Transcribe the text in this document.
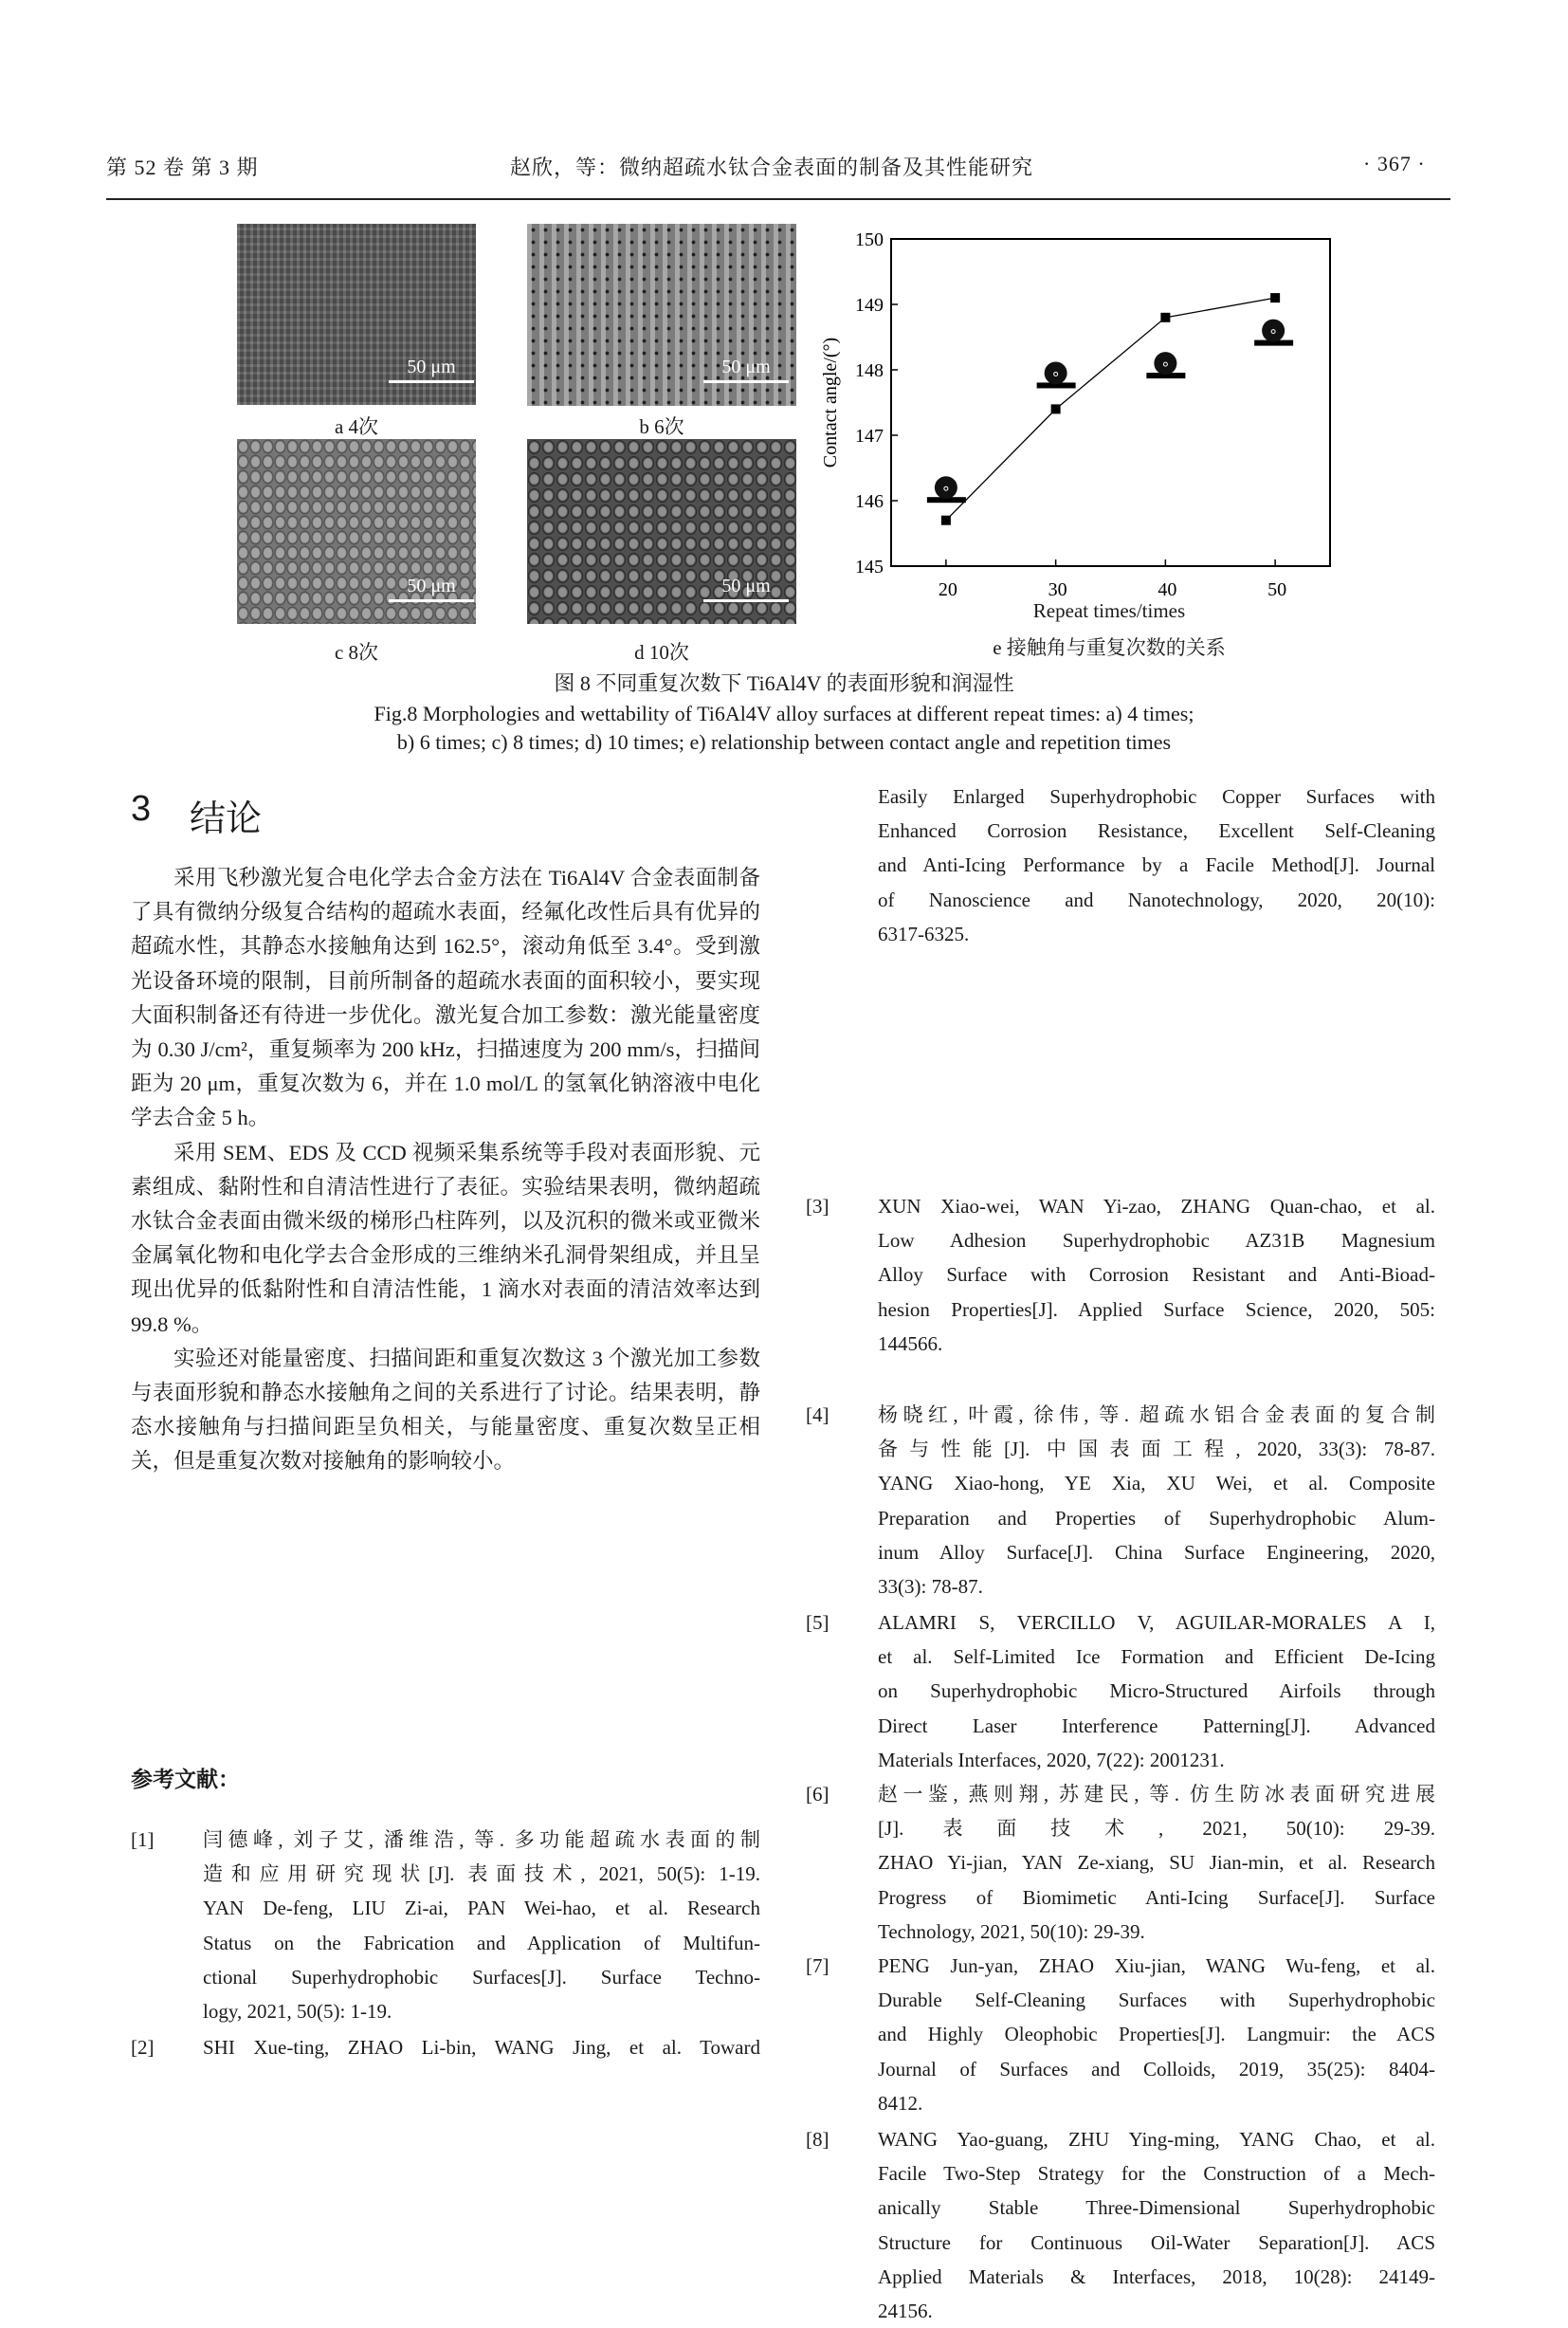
第 52 卷 第 3 期	赵欣，等：微纳超疏水钛合金表面的制备及其性能研究	· 367 ·
50 μm	50 μm
a 4次	b 6次
50 μm	50 μm
c 8次	d 10次
145
146
147
148
149
150
20	30	40	50
Contact angle/(°)
Repeat times/times
e 接触角与重复次数的关系
图 8 不同重复次数下 Ti6Al4V 的表面形貌和润湿性
Fig.8 Morphologies and wettability of Ti6Al4V alloy surfaces at different repeat times: a) 4 times;
b) 6 times; c) 8 times; d) 10 times; e) relationship between contact angle and repetition times
3 结论

采用飞秒激光复合电化学去合金方法在 Ti6Al4V 合金表面制备了具有微纳分级复合结构的超疏水表面，经氟化改性后具有优异的超疏水性，其静态水接触角达到 162.5°，滚动角低至 3.4°。受到激光设备环境的限制，目前所制备的超疏水表面的面积较小，要实现大面积制备还有待进一步优化。激光复合加工参数：激光能量密度为 0.30 J/cm²，重复频率为 200 kHz，扫描速度为 200 mm/s，扫描间距为 20 μm，重复次数为 6，并在 1.0 mol/L 的氢氧化钠溶液中电化学去合金 5 h。

采用 SEM、EDS 及 CCD 视频采集系统等手段对表面形貌、元素组成、黏附性和自清洁性进行了表征。实验结果表明，微纳超疏水钛合金表面由微米级的梯形凸柱阵列，以及沉积的微米或亚微米金属氧化物和电化学去合金形成的三维纳米孔洞骨架组成，并且呈现出优异的低黏附性和自清洁性能，1 滴水对表面的清洁效率达到 99.8 %。

实验还对能量密度、扫描间距和重复次数这 3 个激光加工参数与表面形貌和静态水接触角之间的关系进行了讨论。结果表明，静态水接触角与扫描间距呈负相关，与能量密度、重复次数呈正相关，但是重复次数对接触角的影响较小。

参考文献：
[1] 闫德峰, 刘子艾, 潘维浩, 等. 多功能超疏水表面的制
造和应用研究现状[J]. 表面技术, 2021, 50(5): 1-19.
YAN De-feng, LIU Zi-ai, PAN Wei-hao, et al. Research
Status on the Fabrication and Application of Multifun-
ctional Superhydrophobic Surfaces[J]. Surface Techno-
logy, 2021, 50(5): 1-19.
[2] SHI Xue-ting, ZHAO Li-bin, WANG Jing, et al. Toward
Easily Enlarged Superhydrophobic Copper Surfaces with
Enhanced Corrosion Resistance, Excellent Self-Cleaning
and Anti-Icing Performance by a Facile Method[J]. Journal
of Nanoscience and Nanotechnology, 2020, 20(10):
6317-6325.
[3] XUN Xiao-wei, WAN Yi-zao, ZHANG Quan-chao, et al.
Low Adhesion Superhydrophobic AZ31B Magnesium
Alloy Surface with Corrosion Resistant and Anti-Bioad-
hesion Properties[J]. Applied Surface Science, 2020, 505:
144566.
[4] 杨晓红, 叶霞, 徐伟, 等. 超疏水铝合金表面的复合制
备与性能[J]. 中国表面工程, 2020, 33(3): 78-87.
YANG Xiao-hong, YE Xia, XU Wei, et al. Composite
Preparation and Properties of Superhydrophobic Alum-
inum Alloy Surface[J]. China Surface Engineering, 2020,
33(3): 78-87.
[5] ALAMRI S, VERCILLO V, AGUILAR-MORALES A I,
et al. Self-Limited Ice Formation and Efficient De-Icing
on Superhydrophobic Micro-Structured Airfoils through
Direct Laser Interference Patterning[J]. Advanced
Materials Interfaces, 2020, 7(22): 2001231.
[6] 赵一鉴, 燕则翔, 苏建民, 等. 仿生防冰表面研究进展
[J]. 表面技术, 2021, 50(10): 29-39.
ZHAO Yi-jian, YAN Ze-xiang, SU Jian-min, et al. Research
Progress of Biomimetic Anti-Icing Surface[J]. Surface
Technology, 2021, 50(10): 29-39.
[7] PENG Jun-yan, ZHAO Xiu-jian, WANG Wu-feng, et al.
Durable Self-Cleaning Surfaces with Superhydrophobic
and Highly Oleophobic Properties[J]. Langmuir: the ACS
Journal of Surfaces and Colloids, 2019, 35(25): 8404-
8412.
[8] WANG Yao-guang, ZHU Ying-ming, YANG Chao, et al.
Facile Two-Step Strategy for the Construction of a Mech-
anically Stable Three-Dimensional Superhydrophobic
Structure for Continuous Oil-Water Separation[J]. ACS
Applied Materials & Interfaces, 2018, 10(28): 24149-
24156.
